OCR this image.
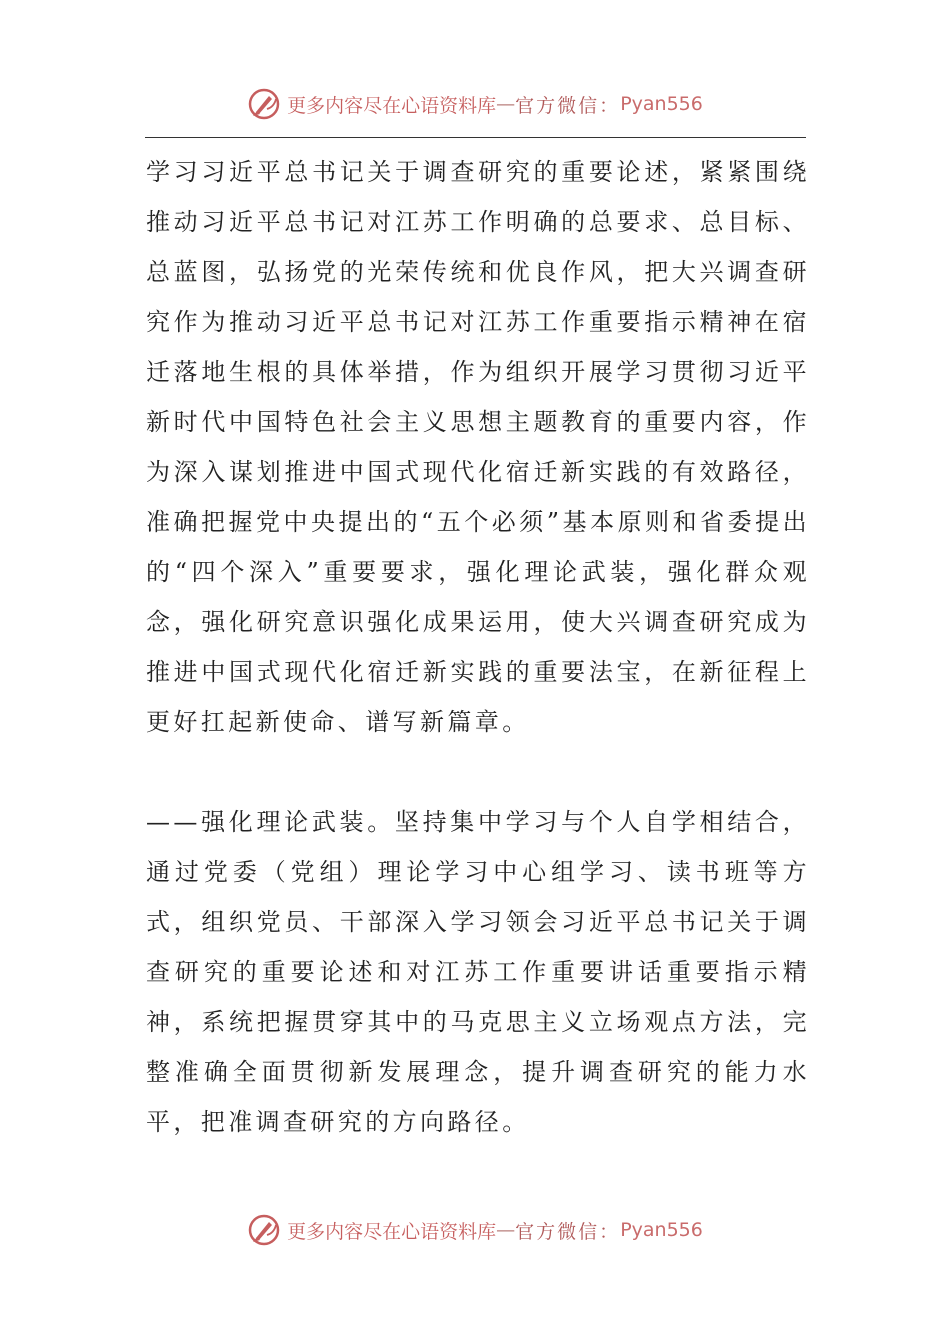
更多内容尽在心语资料库 — 官方微信： Pyan556

学习习近平总书记关于调查研究的重要论述，紧紧围绕推动习近平总书记对江苏工作明确的总要求、总目标、总蓝图，弘扬党的光荣传统和优良作风，把大兴调查研究作为推动习近平总书记对江苏工作重要指示精神在宿迁落地生根的具体举措，作为组织开展学习贯彻习近平新时代中国特色社会主义思想主题教育的重要内容，作为深入谋划推进中国式现代化宿迁新实践的有效路径，准确把握党中央提出的“五个必须”基本原则和省委提出的“四个深入”重要要求，强化理论武装，强化群众观念，强化研究意识强化成果运用，使大兴调查研究成为推进中国式现代化宿迁新实践的重要法宝，在新征程上更好扛起新使命、谱写新篇章。

——强化理论武装。坚持集中学习与个人自学相结合，通过党委（党组）理论学习中心组学习、读书班等方式，组织党员、干部深入学习领会习近平总书记关于调查研究的重要论述和对江苏工作重要讲话重要指示精神，系统把握贯穿其中的马克思主义立场观点方法，完整准确全面贯彻新发展理念，提升调查研究的能力水平，把准调查研究的方向路径。

更多内容尽在心语资料库 — 官方微信： Pyan556
